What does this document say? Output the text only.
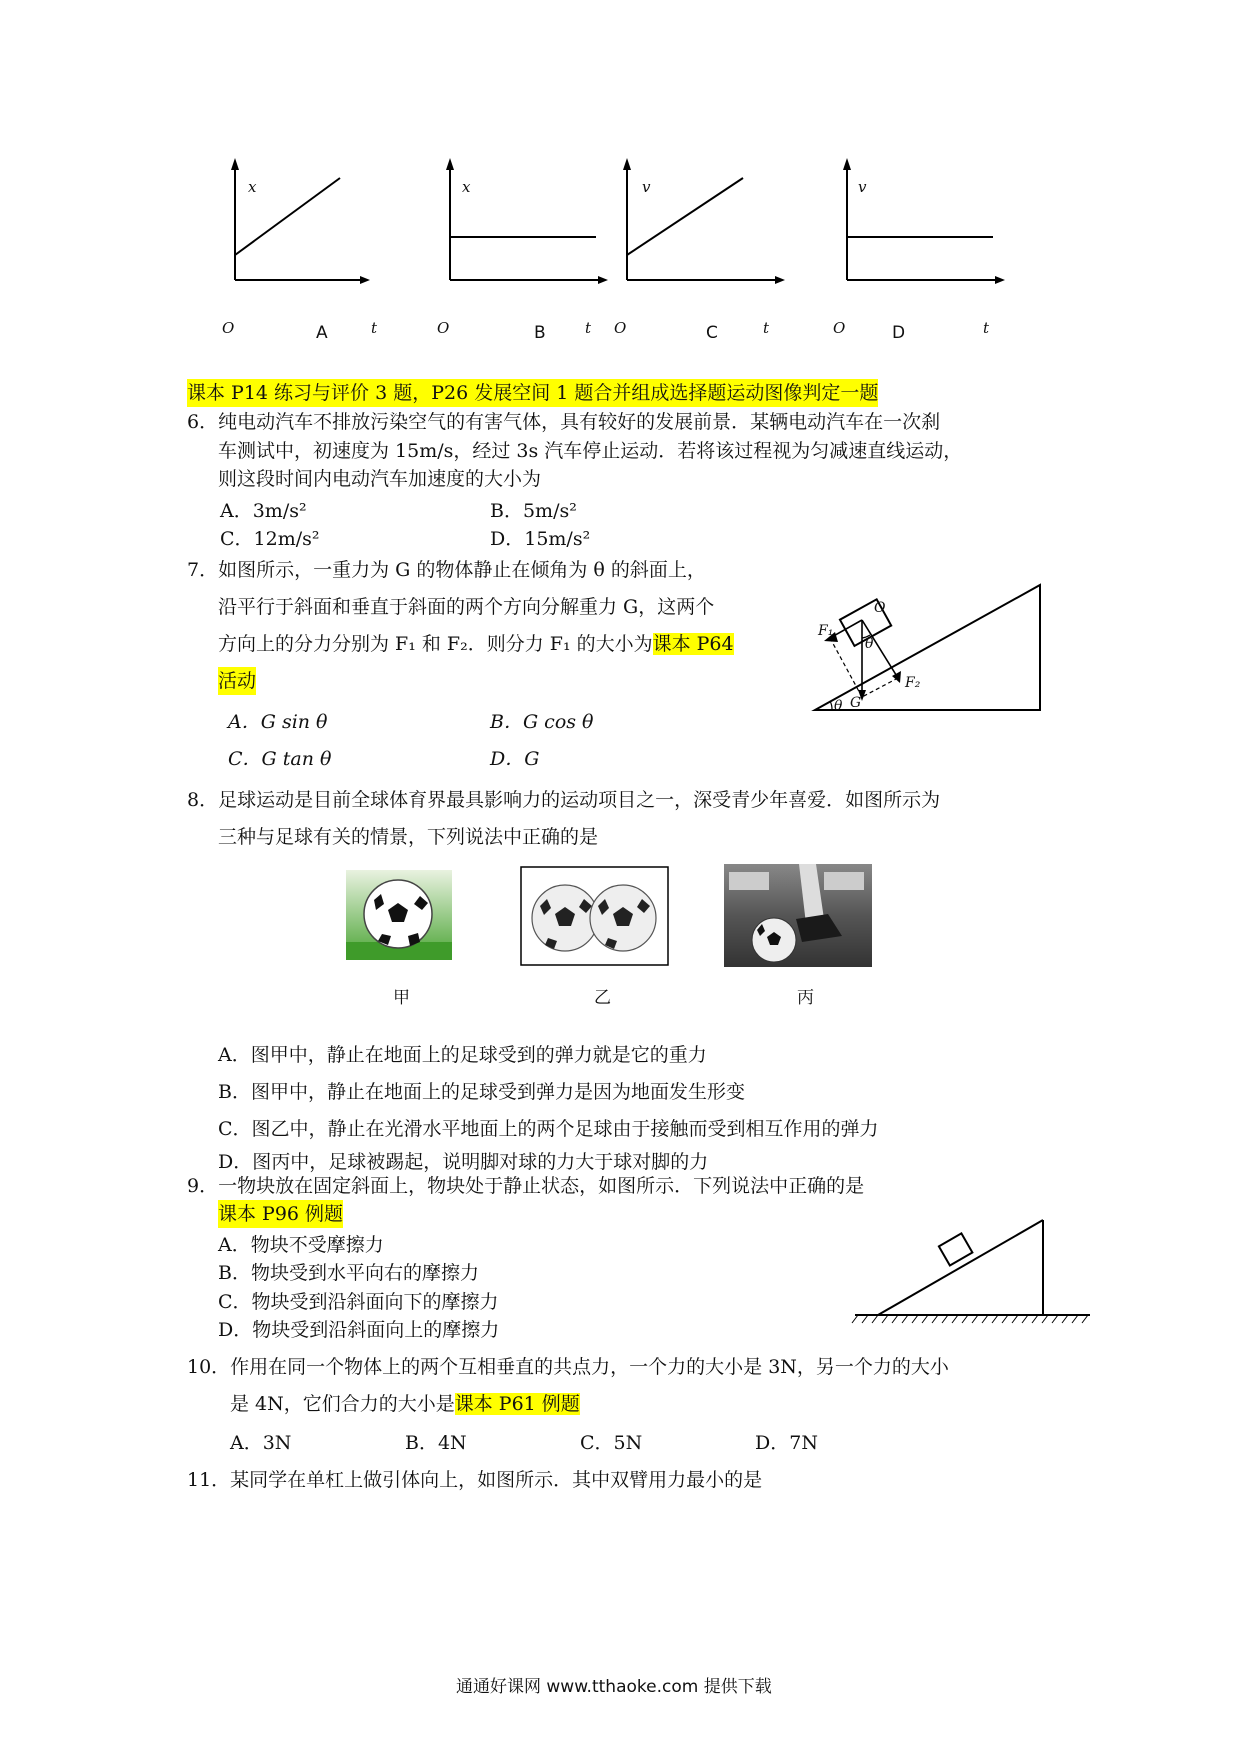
x
O	t
A
x
O	t
B
v
O	t
C
v
O	t
D
课本 P14 练习与评价 3 题，P26 发展空间 1 题合并组成选择题运动图像判定一题
6．纯电动汽车不排放污染空气的有害气体，具有较好的发展前景．某辆电动汽车在一次刹
车测试中，初速度为 15m/s，经过 3s 汽车停止运动．若将该过程视为匀减速直线运动，
则这段时间内电动汽车加速度的大小为
A．3m/s²	B．5m/s²
C．12m/s²	D．15m/s²
7．如图所示，一重力为 G 的物体静止在倾角为 θ 的斜面上，
沿平行于斜面和垂直于斜面的两个方向分解重力 G，这两个
方向上的分力分别为 F₁ 和 F₂．则分力 F₁ 的大小为课本 P64
活动
A．G sin θ	B．G cos θ
C．G tan θ	D．G
O
F₁
F₂
G
θ
θ
8．足球运动是目前全球体育界最具影响力的运动项目之一，深受青少年喜爱．如图所示为
三种与足球有关的情景，下列说法中正确的是
甲	乙	丙
A．图甲中，静止在地面上的足球受到的弹力就是它的重力
B．图甲中，静止在地面上的足球受到弹力是因为地面发生形变
C．图乙中，静止在光滑水平地面上的两个足球由于接触而受到相互作用的弹力
D．图丙中，足球被踢起，说明脚对球的力大于球对脚的力
9．一物块放在固定斜面上，物块处于静止状态，如图所示．下列说法中正确的是
课本 P96 例题
A．物块不受摩擦力
B．物块受到水平向右的摩擦力
C．物块受到沿斜面向下的摩擦力
D．物块受到沿斜面向上的摩擦力
10．作用在同一个物体上的两个互相垂直的共点力，一个力的大小是 3N，另一个力的大小
是 4N，它们合力的大小是课本 P61 例题
A．3N	B．4N	C．5N	D．7N
11．某同学在单杠上做引体向上，如图所示．其中双臂用力最小的是
通通好课网 www.tthaoke.com 提供下载
